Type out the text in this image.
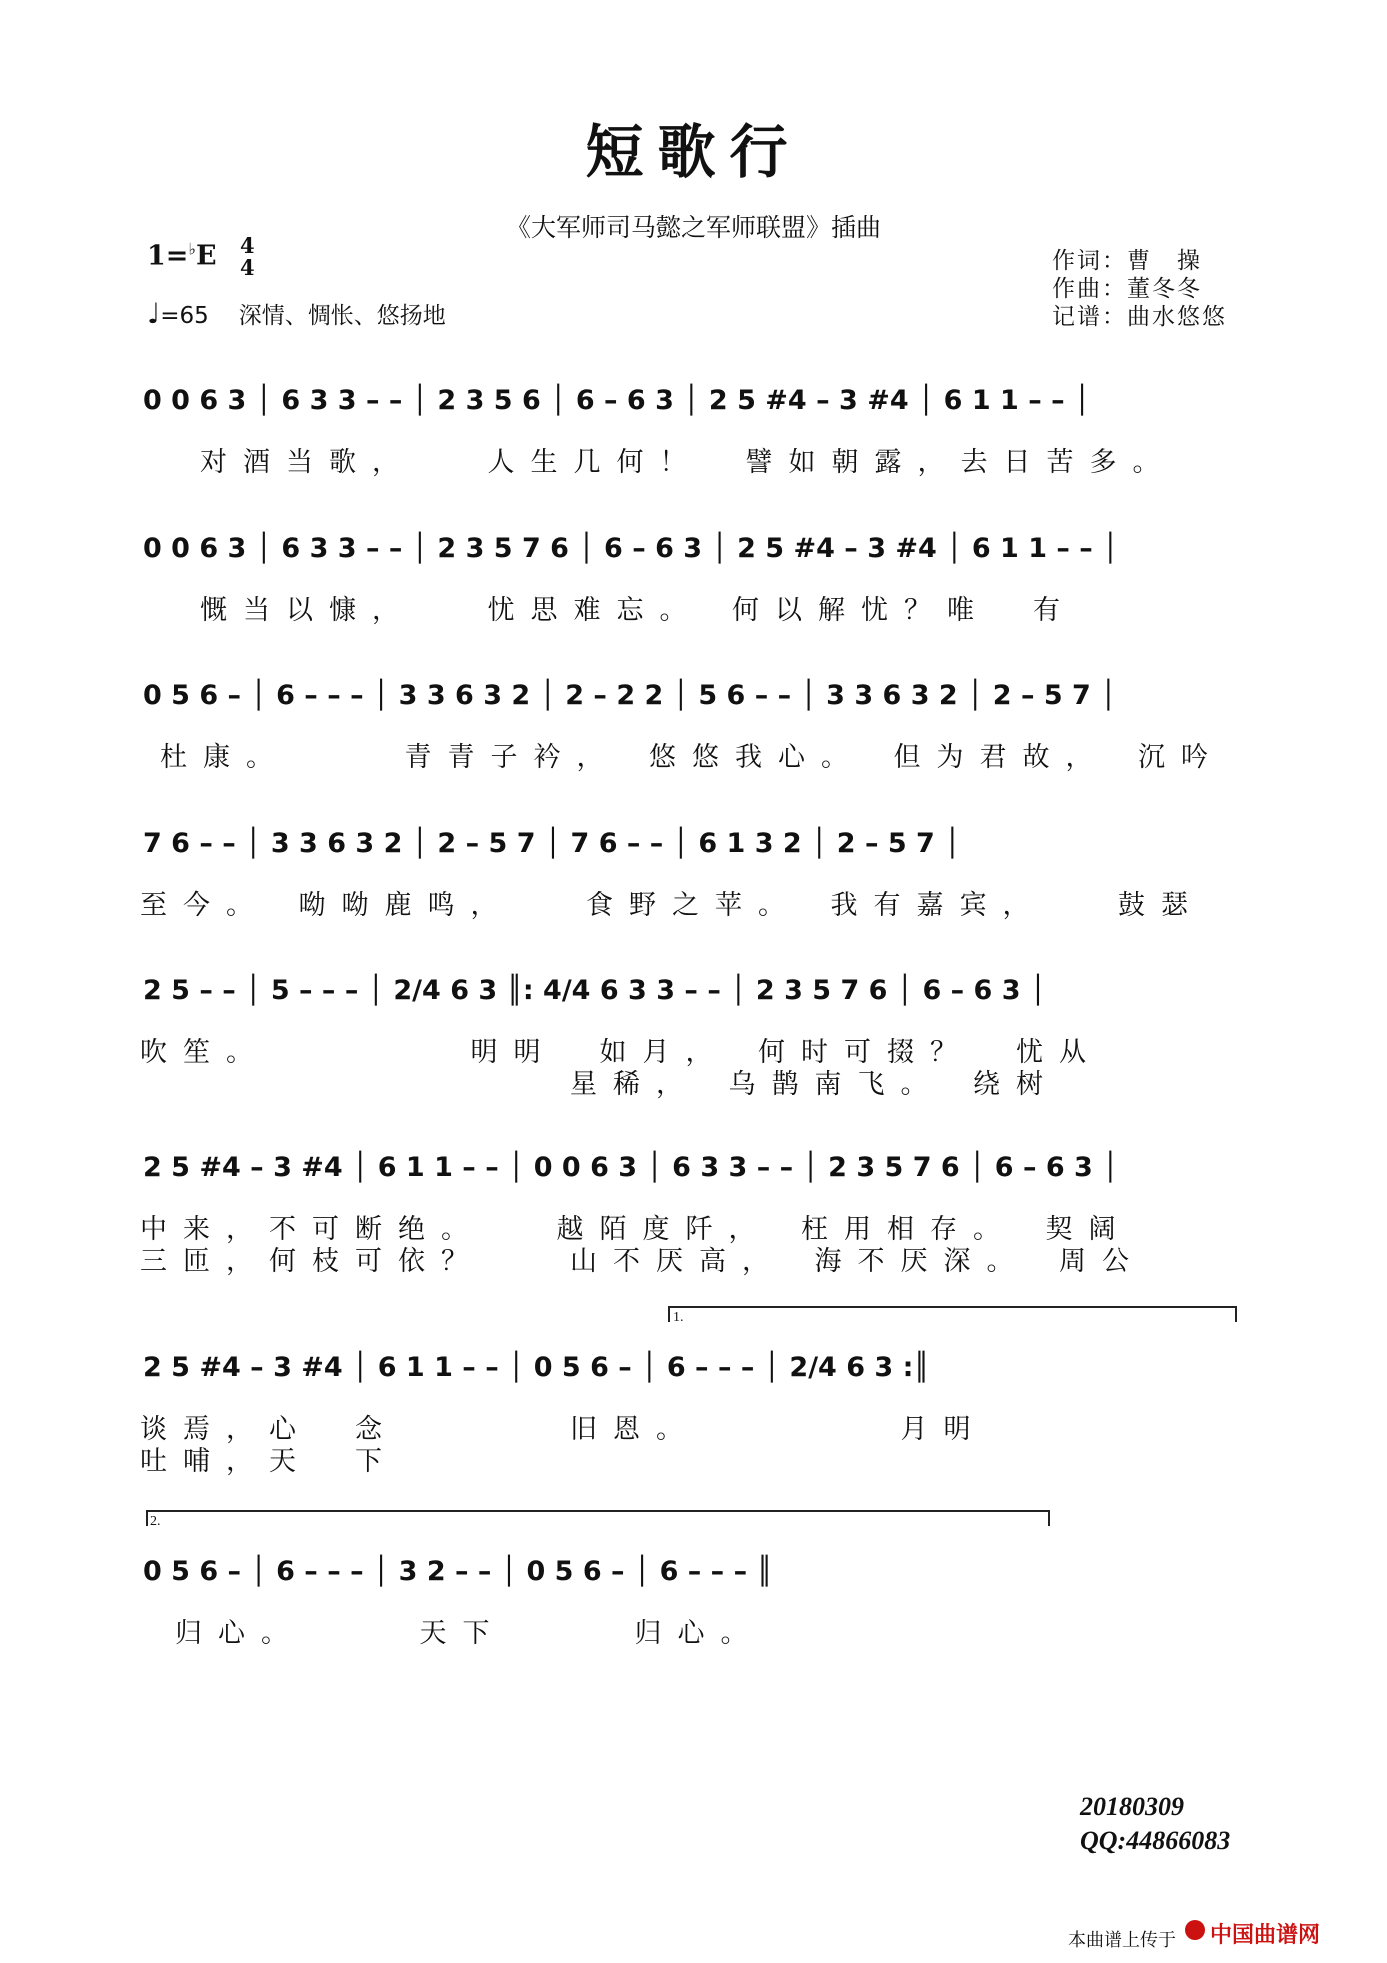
短歌行
《大军师司马懿之军师联盟》插曲
1=♭E 4
4
♩=65 深情、惆怅、悠扬地
作词：曹　操
作曲：董冬冬
记谱：曲水悠悠
0 0 6 3 │ 6 3 3 – – │ 2 3 5 6 │ 6 – 6 3 │ 2 5 #4 – 3 #4 │ 6 1 1 – – │
对酒当歌，　　人生几何！　譬如朝露，去日苦多。
0 0 6 3 │ 6 3 3 – – │ 2 3 5 7 6 │ 6 – 6 3 │ 2 5 #4 – 3 #4 │ 6 1 1 – – │
慨当以慷，　　忧思难忘。　何以解忧？唯　有
0 5 6 – │ 6 – – – │ 3 3 6 3 2 │ 2 – 2 2 │ 5 6 – – │ 3 3 6 3 2 │ 2 – 5 7 │
杜康。　　　青青子衿，　悠悠我心。　但为君故，　沉吟
7 6 – – │ 3 3 6 3 2 │ 2 – 5 7 │ 7 6 – – │ 6 1 3 2 │ 2 – 5 7 │
至今。　呦呦鹿鸣，　　食野之苹。　我有嘉宾，　　鼓瑟
2 5 – – │ 5 – – – │ 2/4 6 3 ║: 4/4 6 3 3 – – │ 2 3 5 7 6 │ 6 – 6 3 │
吹笙。　　　　　明明　如月，　何时可掇？　忧从
　　　　　　　　　　星稀，　乌鹊南飞。　绕树
2 5 #4 – 3 #4 │ 6 1 1 – – │ 0 0 6 3 │ 6 3 3 – – │ 2 3 5 7 6 │ 6 – 6 3 │
中来，不可断绝。　　越陌度阡，　枉用相存。　契阔
三匝，何枝可依？　　山不厌高，　海不厌深。　周公
1.
2 5 #4 – 3 #4 │ 6 1 1 – – │ 0 5 6 – │ 6 – – – │ 2/4 6 3 :║
谈焉，心　念　　　　旧恩。　　　　　月明
吐哺，天　下
2.
0 5 6 – │ 6 – – – │ 3 2 – – │ 0 5 6 – │ 6 – – – ║
归心。　　　天下　　　归心。
20180309
QQ:44866083
本曲谱上传于 中国曲谱网
